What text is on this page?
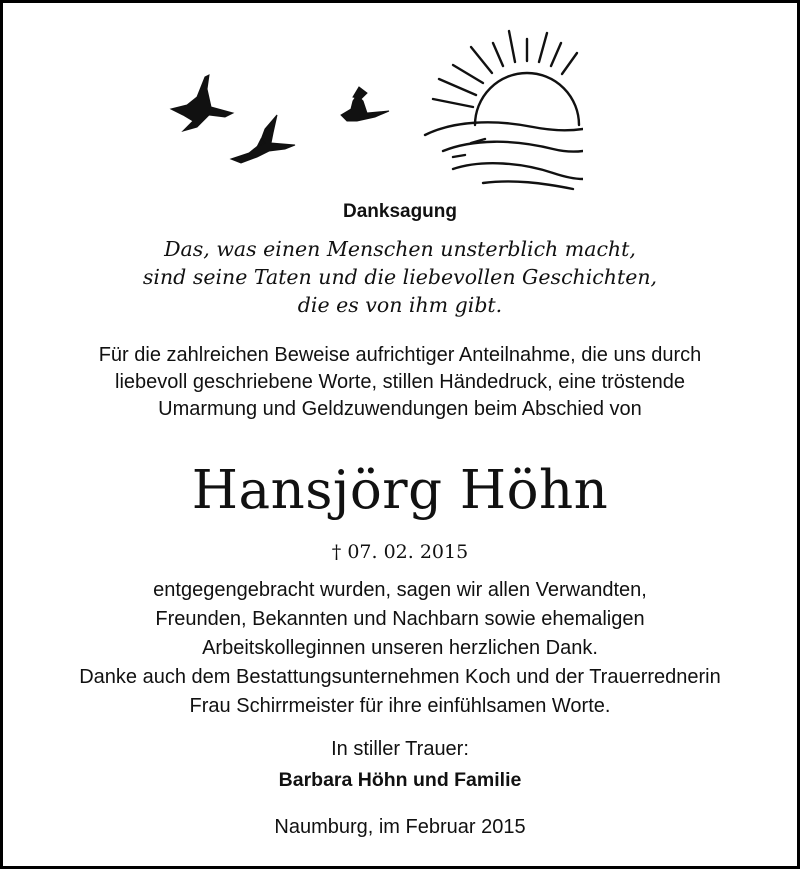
Danksagung
Das, was einen Menschen unsterblich macht,
sind seine Taten und die liebevollen Geschichten,
die es von ihm gibt.
Für die zahlreichen Beweise aufrichtiger Anteilnahme, die uns durch
liebevoll geschriebene Worte, stillen Händedruck, eine tröstende
Umarmung und Geldzuwendungen beim Abschied von
Hansjörg Höhn
† 07. 02. 2015
entgegengebracht wurden, sagen wir allen Verwandten,
Freunden, Bekannten und Nachbarn sowie ehemaligen
Arbeitskolleginnen unseren herzlichen Dank.
Danke auch dem Bestattungsunternehmen Koch und der Trauerrednerin
Frau Schirrmeister für ihre einfühlsamen Worte.
In stiller Trauer:
Barbara Höhn und Familie
Naumburg, im Februar 2015
